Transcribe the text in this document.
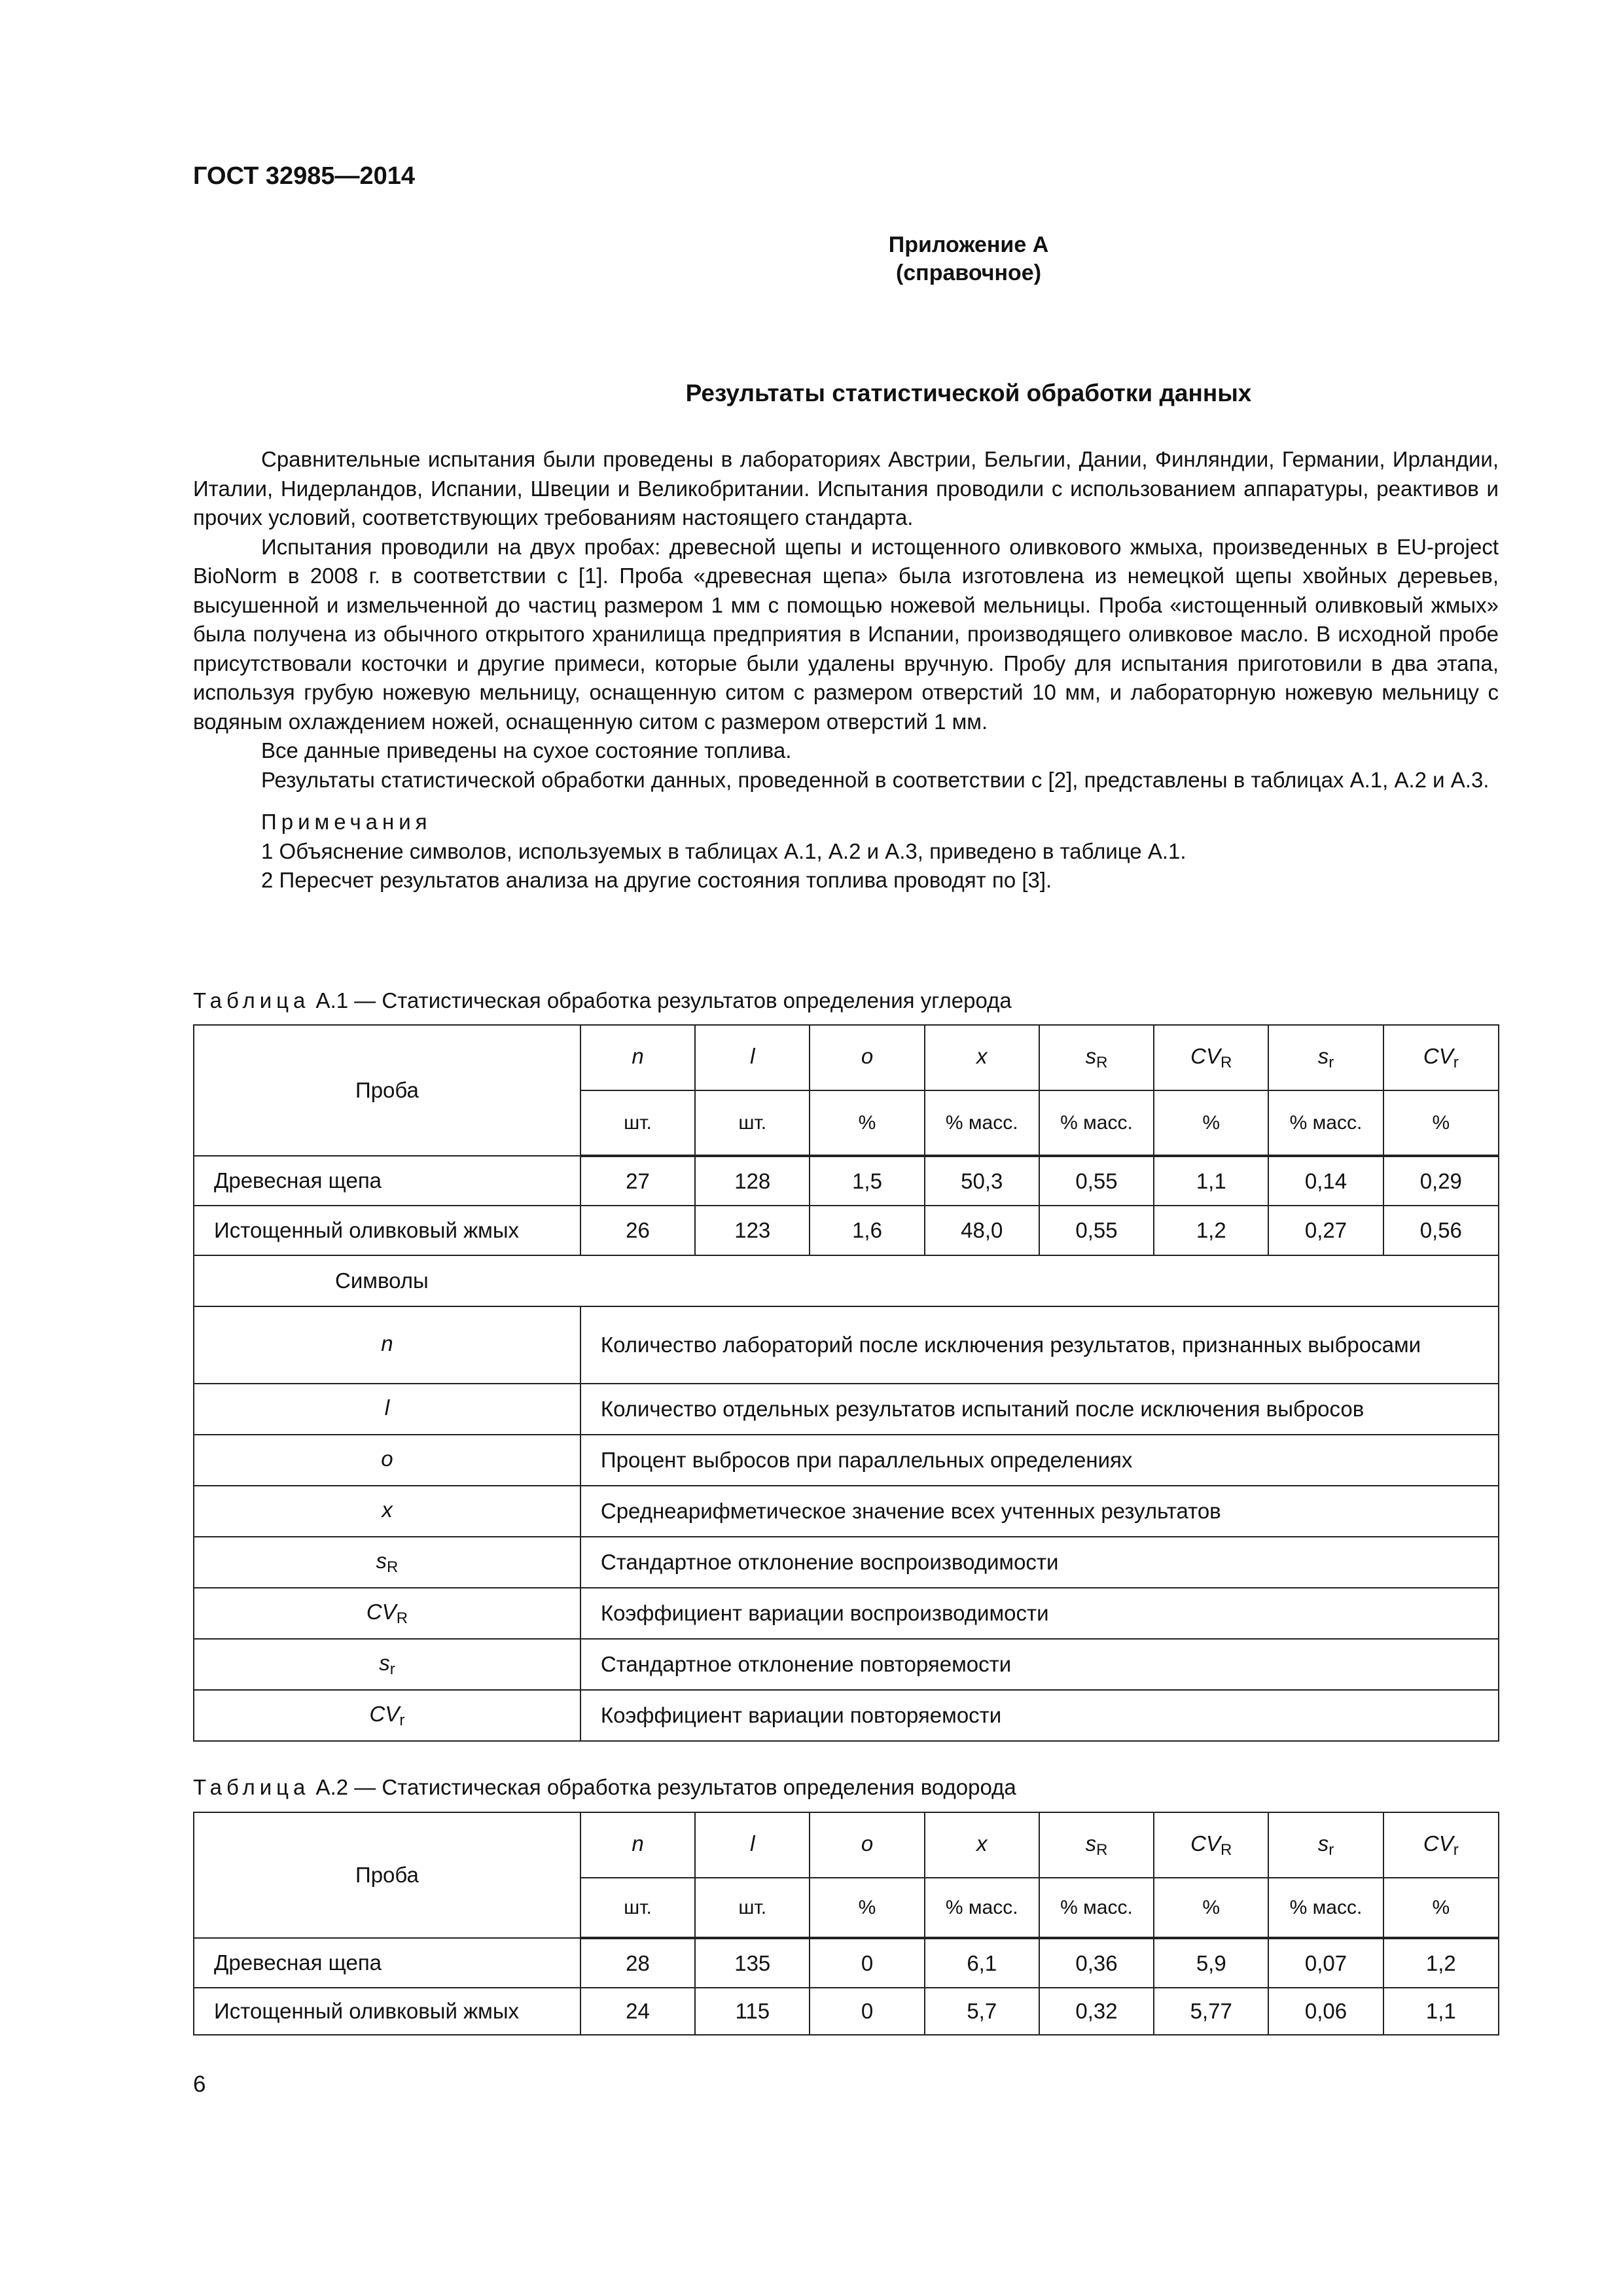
ГОСТ 32985—2014
Приложение А
(справочное)
Результаты статистической обработки данных

Сравнительные испытания были проведены в лабораториях Австрии, Бельгии, Дании, Финляндии, Германии, Ирландии, Италии, Нидерландов, Испании, Швеции и Великобритании. Испытания проводили с использованием аппаратуры, реактивов и прочих условий, соответствующих требованиям настоящего стандарта.

Испытания проводили на двух пробах: древесной щепы и истощенного оливкового жмыха, произведенных в EU-project BioNorm в 2008 г. в соответствии с [1]. Проба «древесная щепа» была изготовлена из немецкой щепы хвойных деревьев, высушенной и измельченной до частиц размером 1 мм с помощью ножевой мельницы. Проба «истощенный оливковый жмых» была получена из обычного открытого хранилища предприятия в Испании, производящего оливковое масло. В исходной пробе присутствовали косточки и другие примеси, которые были удалены вручную. Пробу для испытания приготовили в два этапа, используя грубую ножевую мельницу, оснащенную ситом с размером отверстий 10 мм, и лабораторную ножевую мельницу с водяным охлаждением ножей, оснащенную ситом с размером отверстий 1 мм.

Все данные приведены на сухое состояние топлива.

Результаты статистической обработки данных, проведенной в соответствии с [2], представлены в таблицах А.1, А.2 и А.3.

Примечания

1 Объяснение символов, используемых в таблицах А.1, А.2 и А.3, приведено в таблице А.1.

2 Пересчет результатов анализа на другие состояния топлива проводят по [3].

Таблица А.1 — Статистическая обработка результатов определения углерода
Проба	n	l	o	x	$s_R$	$CV_R$	$s_r$	$CV_r$
	шт.	шт.	%	% масс.	% масс.	%	% масс.	%
Древесная щепа	27	128	1,5	50,3	0,55	1,1	0,14	0,29
Истощенный оливковый жмых	26	123	1,6	48,0	0,55	1,2	0,27	0,56
Символы								
n	Количество лабораторий после исключения результатов, признанных выбросами							
l	Количество отдельных результатов испытаний после исключения выбросов							
o	Процент выбросов при параллельных определениях							
x	Среднеарифметическое значение всех учтенных результатов							
$s_R$	Стандартное отклонение воспроизводимости							
$CV_R$	Коэффициент вариации воспроизводимости							
$s_r$	Стандартное отклонение повторяемости							
$CV_r$	Коэффициент вариации повторяемости							
Таблица А.2 — Статистическая обработка результатов определения водорода
Проба	n	l	o	x	$s_R$	$CV_R$	$s_r$	$CV_r$
	шт.	шт.	%	% масс.	% масс.	%	% масс.	%
Древесная щепа	28	135	0	6,1	0,36	5,9	0,07	1,2
Истощенный оливковый жмых	24	115	0	5,7	0,32	5,77	0,06	1,1
6
